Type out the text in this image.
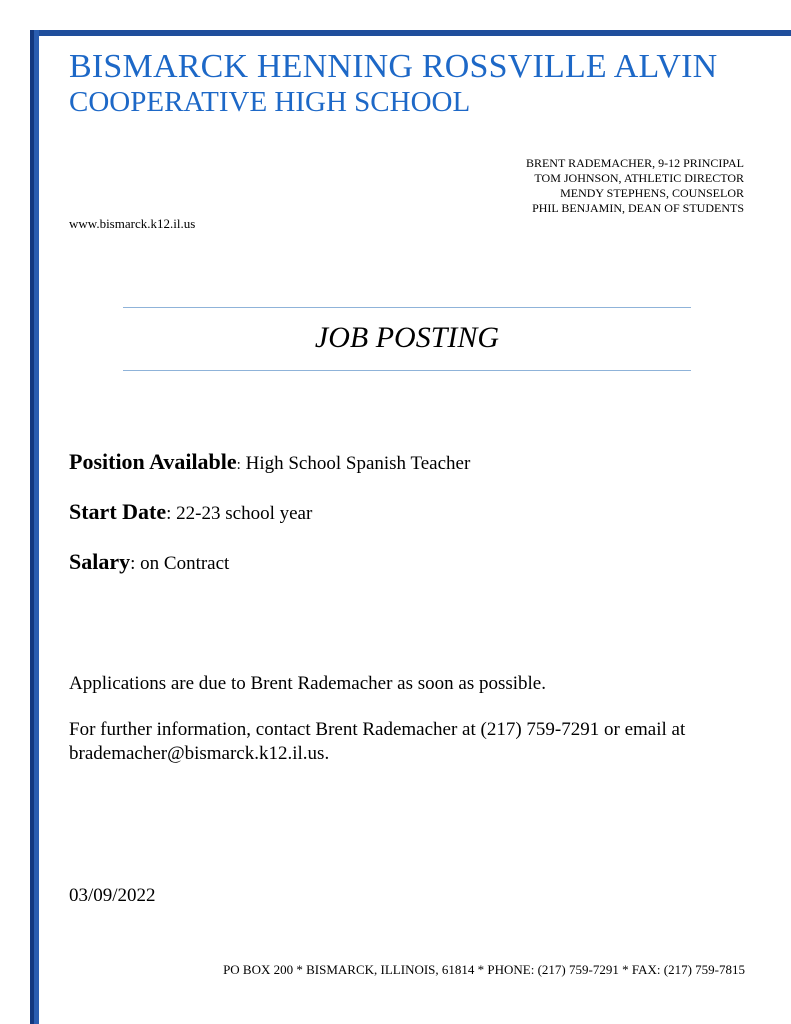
BISMARCK HENNING ROSSVILLE ALVIN
COOPERATIVE HIGH SCHOOL
BRENT RADEMACHER, 9-12 PRINCIPAL
TOM JOHNSON, ATHLETIC DIRECTOR
MENDY STEPHENS, COUNSELOR
PHIL BENJAMIN, DEAN OF STUDENTS
www.bismarck.k12.il.us
JOB POSTING
Position Available: High School Spanish Teacher
Start Date: 22-23 school year
Salary: on Contract
Applications are due to Brent Rademacher as soon as possible.
For further information, contact Brent Rademacher at (217) 759-7291 or email at brademacher@bismarck.k12.il.us.
03/09/2022
PO BOX 200 * BISMARCK, ILLINOIS, 61814 * PHONE: (217) 759-7291 * FAX: (217) 759-7815
